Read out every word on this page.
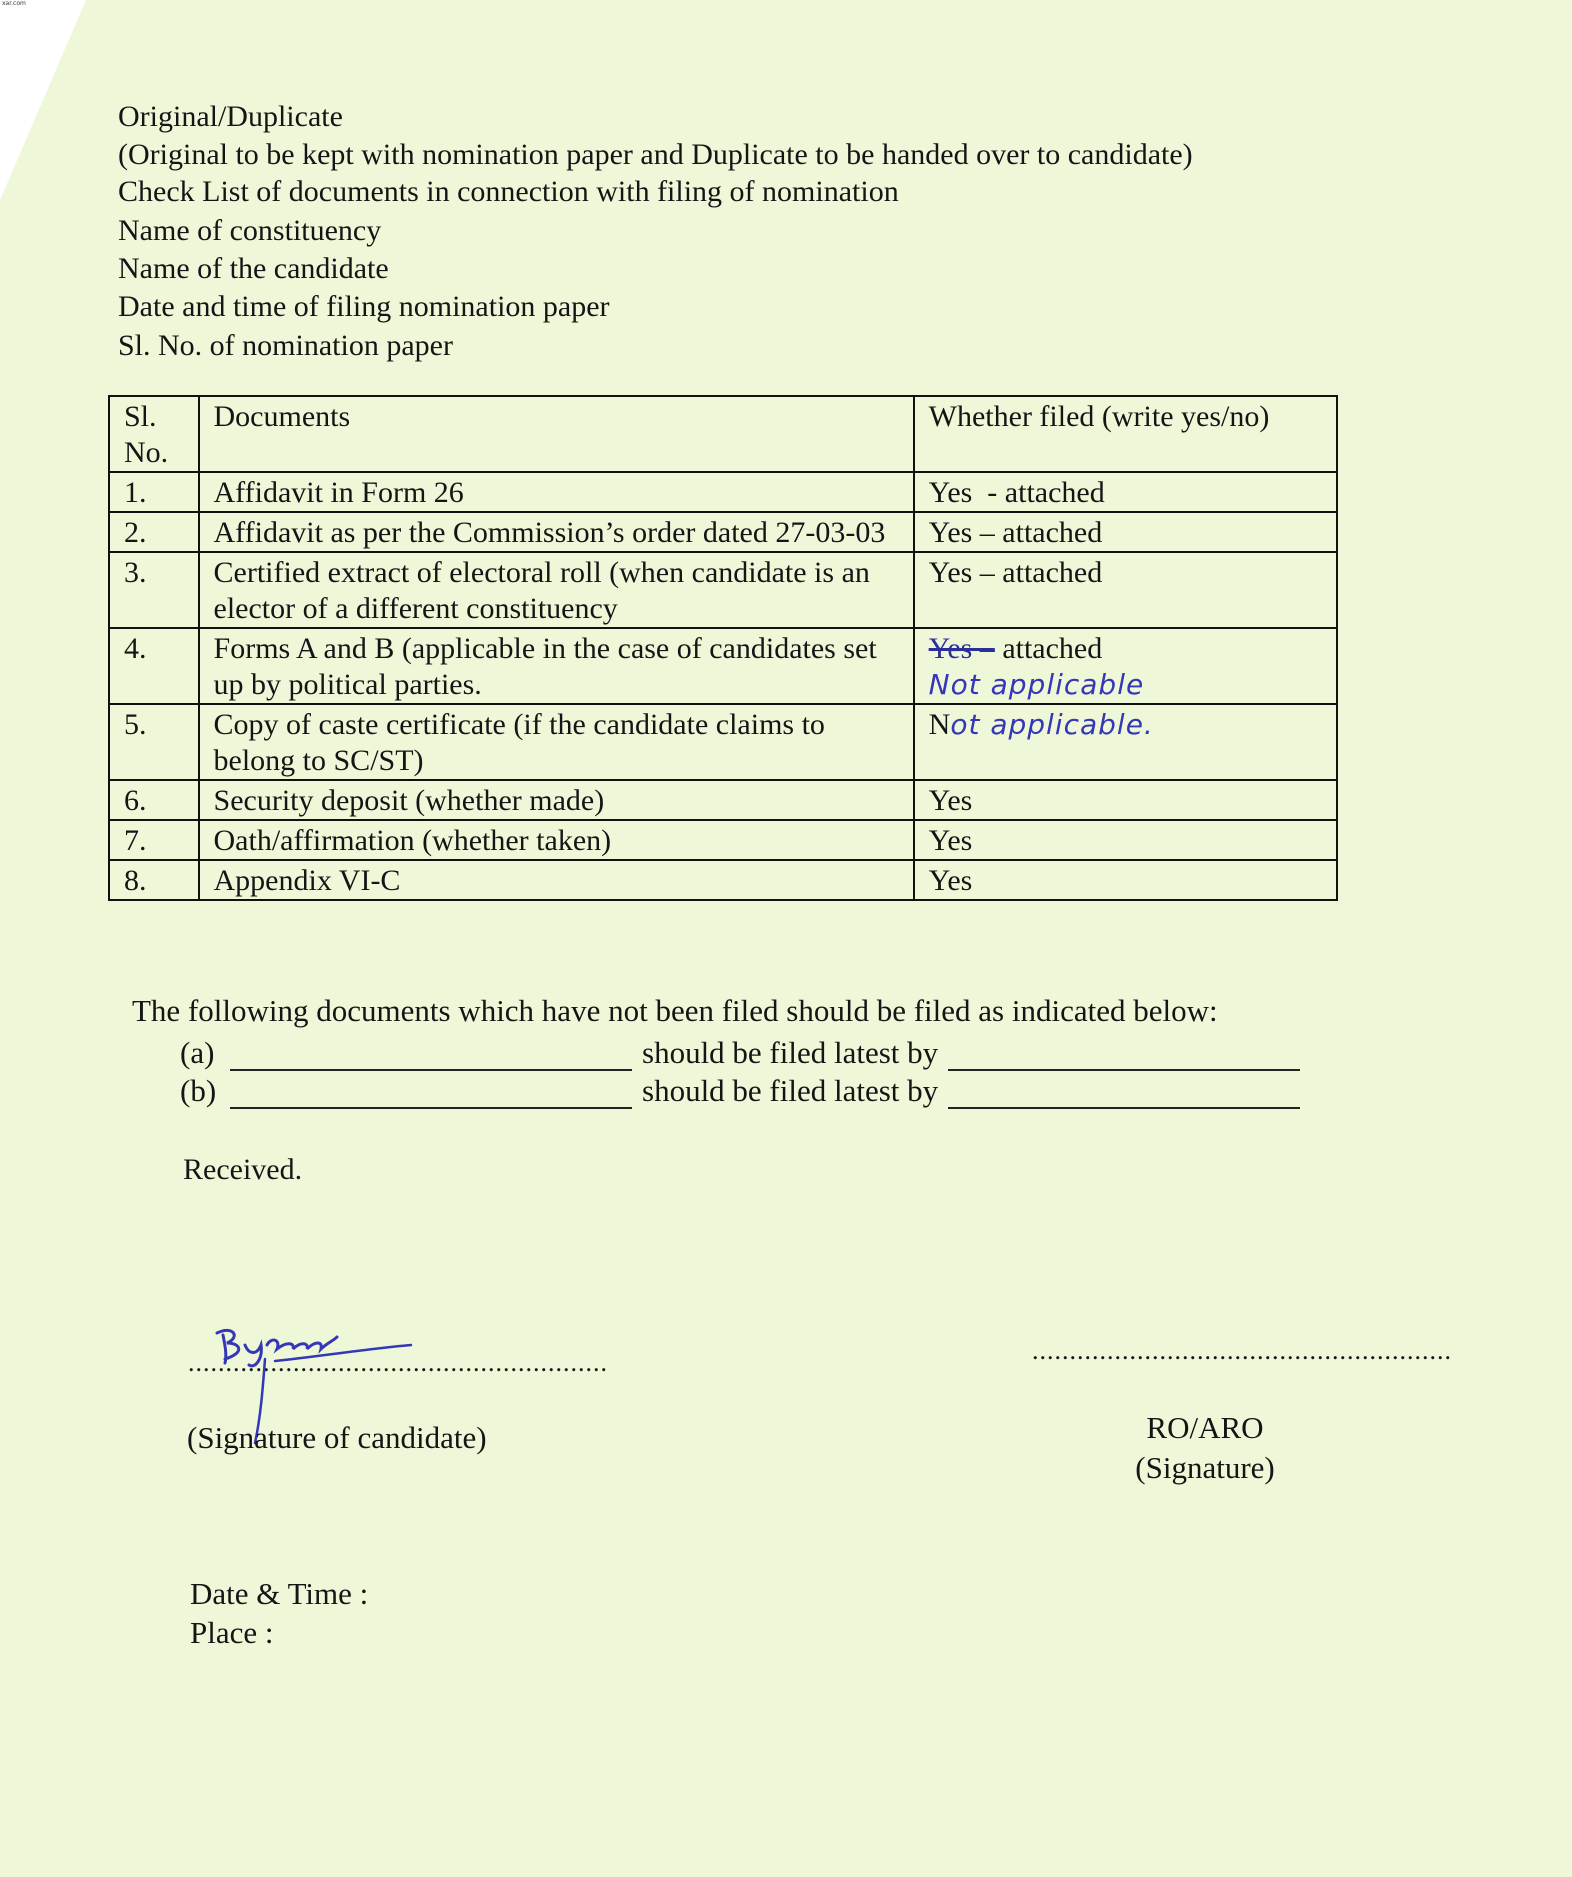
xar.com
Original/Duplicate
(Original to be kept with nomination paper and Duplicate to be handed over to candidate)
Check List of documents in connection with filing of nomination
Name of constituency
Name of the candidate
Date and time of filing nomination paper
Sl. No. of nomination paper
Sl. No.	Documents	Whether filed (write yes/no)
1.	Affidavit in Form 26	Yes  - attached
2.	Affidavit as per the Commission’s order dated 27-03-03	Yes – attached
3.	Certified extract of electoral roll (when candidate is an elector of a different constituency	Yes – attached
4.	Forms A and B (applicable in the case of candidates set up by political parties.	Yes – attached
Not applicable
5.	Copy of caste certificate (if the candidate claims to belong to SC/ST)	Not applicable.
6.	Security deposit (whether made)	Yes
7.	Oath/affirmation (whether taken)	Yes
8.	Appendix VI-C	Yes
The following documents which have not been filed should be filed as indicated below:
(a)	should be filed latest by
(b)	should be filed latest by
Received.
........................................................	........................................................
(Signature of candidate)	RO/ARO
(Signature)
Date & Time :
Place :
